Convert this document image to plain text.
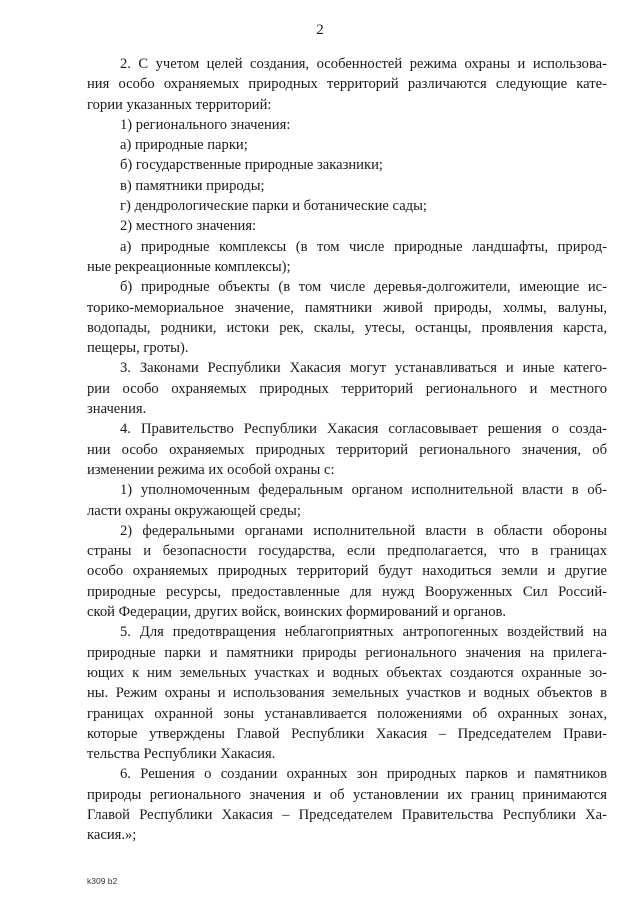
2
2. С учетом целей создания, особенностей режима охраны и использова-
ния особо охраняемых природных территорий различаются следующие кате-
гории указанных территорий:
1) регионального значения:
а) природные парки;
б) государственные природные заказники;
в) памятники природы;
г) дендрологические парки и ботанические сады;
2) местного значения:
а) природные комплексы (в том числе природные ландшафты, природ-
ные рекреационные комплексы);
б) природные объекты (в том числе деревья-долгожители, имеющие ис-
торико-мемориальное значение, памятники живой природы, холмы, валуны,
водопады, родники, истоки рек, скалы, утесы, останцы, проявления карста,
пещеры, гроты).
3. Законами Республики Хакасия могут устанавливаться и иные катего-
рии особо охраняемых природных территорий регионального и местного
значения.
4. Правительство Республики Хакасия согласовывает решения о созда-
нии особо охраняемых природных территорий регионального значения, об
изменении режима их особой охраны с:
1) уполномоченным федеральным органом исполнительной власти в об-
ласти охраны окружающей среды;
2) федеральными органами исполнительной власти в области обороны
страны и безопасности государства, если предполагается, что в границах
особо охраняемых природных территорий будут находиться земли и другие
природные ресурсы, предоставленные для нужд Вооруженных Сил Россий-
ской Федерации, других войск, воинских формирований и органов.
5. Для предотвращения неблагоприятных антропогенных воздействий на
природные парки и памятники природы регионального значения на прилега-
ющих к ним земельных участках и водных объектах создаются охранные зо-
ны. Режим охраны и использования земельных участков и водных объектов в
границах охранной зоны устанавливается положениями об охранных зонах,
которые утверждены Главой Республики Хакасия – Председателем Прави-
тельства Республики Хакасия.
6. Решения о создании охранных зон природных парков и памятников
природы регионального значения и об установлении их границ принимаются
Главой Республики Хакасия – Председателем Правительства Республики Ха-
касия.»;
k309 b2
